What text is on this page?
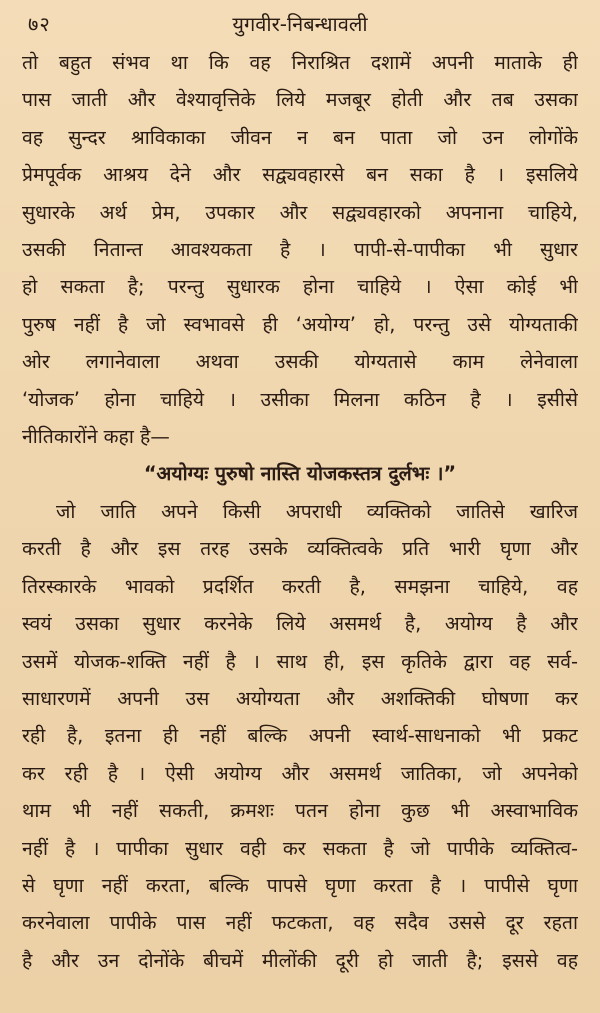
७२	युगवीर-निबन्धावली
तो बहुत संभव था कि वह निराश्रित दशामें अपनी माताके ही
पास जाती और वेश्यावृत्तिके लिये मजबूर होती और तब उसका
वह सुन्दर श्राविकाका जीवन न बन पाता जो उन लोगोंके
प्रेमपूर्वक आश्रय देने और सद्व्यवहारसे बन सका है । इसलिये
सुधारके अर्थ प्रेम, उपकार और सद्व्यवहारको अपनाना चाहिये,
उसकी नितान्त आवश्यकता है । पापी-से-पापीका भी सुधार
हो सकता है; परन्तु सुधारक होना चाहिये । ऐसा कोई भी
पुरुष नहीं है जो स्वभावसे ही ‘अयोग्य’ हो, परन्तु उसे योग्यताकी
ओर लगानेवाला अथवा उसकी योग्यतासे काम लेनेवाला
‘योजक’ होना चाहिये । उसीका मिलना कठिन है । इसीसे
नीतिकारोंने कहा है—
“अयोग्यः पुरुषो नास्ति योजकस्तत्र दुर्लभः ।”
जो जाति अपने किसी अपराधी व्यक्तिको जातिसे खारिज
करती है और इस तरह उसके व्यक्तित्वके प्रति भारी घृणा और
तिरस्कारके भावको प्रदर्शित करती है, समझना चाहिये, वह
स्वयं उसका सुधार करनेके लिये असमर्थ है, अयोग्य है और
उसमें योजक-शक्ति नहीं है । साथ ही, इस कृतिके द्वारा वह सर्व-
साधारणमें अपनी उस अयोग्यता और अशक्तिकी घोषणा कर
रही है, इतना ही नहीं बल्कि अपनी स्वार्थ-साधनाको भी प्रकट
कर रही है । ऐसी अयोग्य और असमर्थ जातिका, जो अपनेको
थाम भी नहीं सकती, क्रमशः पतन होना कुछ भी अस्वाभाविक
नहीं है । पापीका सुधार वही कर सकता है जो पापीके व्यक्तित्व-
से घृणा नहीं करता, बल्कि पापसे घृणा करता है । पापीसे घृणा
करनेवाला पापीके पास नहीं फटकता, वह सदैव उससे दूर रहता
है और उन दोनोंके बीचमें मीलोंकी दूरी हो जाती है; इससे वह
